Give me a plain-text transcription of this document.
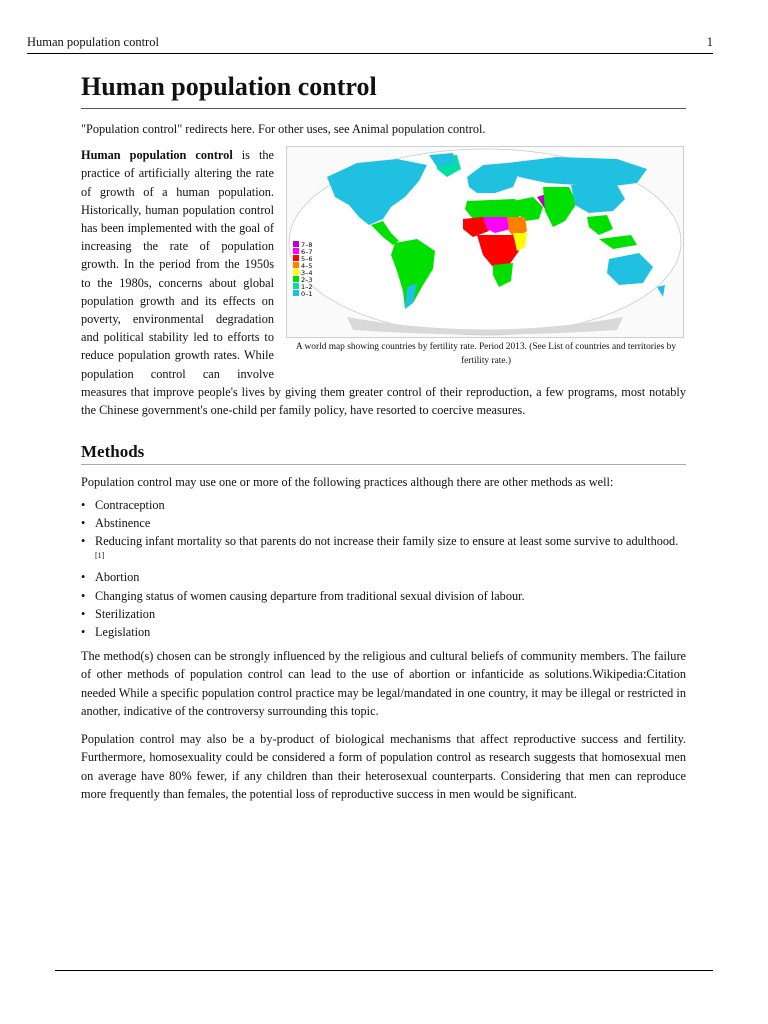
Human population control	1
Human population control

"Population control" redirects here. For other uses, see Animal population control.

7–8
6–7
5–6
4–5
3–4
2–3
1–2
0–1
A world map showing countries by fertility rate. Period 2013. (See List of countries and territories by fertility rate.)

Human population control is the practice of artificially altering the rate of growth of a human population. Historically, human population control has been implemented with the goal of increasing the rate of population growth. In the period from the 1950s to the 1980s, concerns about global population growth and its effects on poverty, environmental degradation and political stability led to efforts to reduce population growth rates. While population control can involve measures that improve people's lives by giving them greater control of their reproduction, a few programs, most notably the Chinese government's one-child per family policy, have resorted to coercive measures.

Methods

Population control may use one or more of the following practices although there are other methods as well:

• Contraception
• Abstinence
• Reducing infant mortality so that parents do not increase their family size to ensure at least some survive to adulthood.[1]
• Abortion
• Changing status of women causing departure from traditional sexual division of labour.
• Sterilization
• Legislation

The method(s) chosen can be strongly influenced by the religious and cultural beliefs of community members. The failure of other methods of population control can lead to the use of abortion or infanticide as solutions.Wikipedia:Citation needed While a specific population control practice may be legal/mandated in one country, it may be illegal or restricted in another, indicative of the controversy surrounding this topic.

Population control may also be a by-product of biological mechanisms that affect reproductive success and fertility. Furthermore, homosexuality could be considered a form of population control as research suggests that homosexual men on average have 80% fewer, if any children than their heterosexual counterparts. Considering that men can reproduce more frequently than females, the potential loss of reproductive success in men would be significant.
